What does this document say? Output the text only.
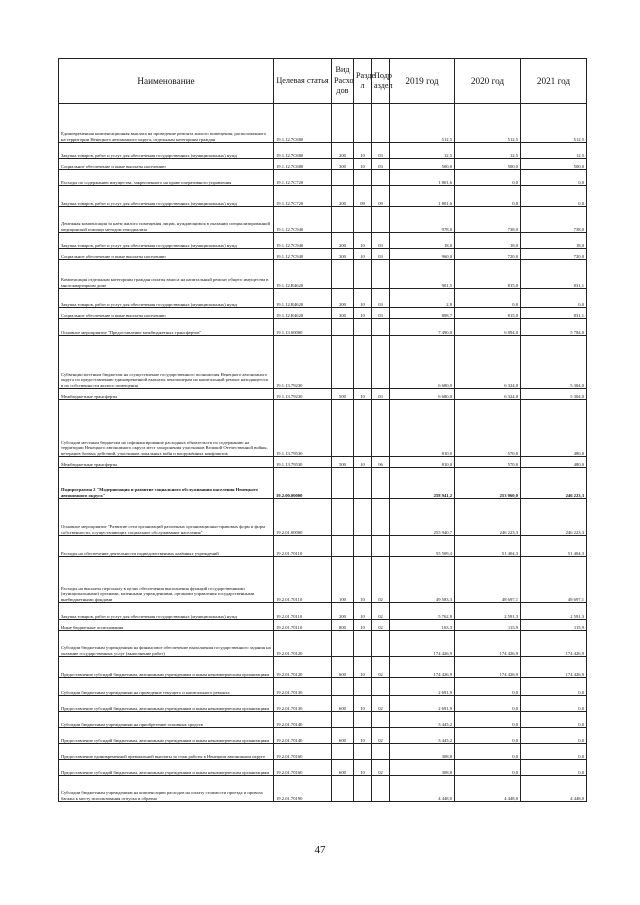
Наименование	Целевая статья	Вид Расхо дов	Разде л	Подр аздел	2019 год	2020 год	2021 год
Единовременная компенсационная выплата на проведение ремонта жилого помещения, расположенного на территории Ненецкого автономного округа, отдельным категориям граждан	19.1.12.7С680				512,5	512,5	512,5
Закупка товаров, работ и услуг для обеспечения государственных (муниципальных) нужд	19.1.12.7С680	200	10	03	12,5	12,5	12,5
Социальное обеспечение и иные выплаты населению	19.1.12.7С680	300	10	03	500,0	500,0	500,0
Расходы по содержанию имущества, закрепленного на праве оперативного управления	19.1.12.7С720				1 801,6	0,0	0,0
Закупка товаров, работ и услуг для обеспечения государственных (муниципальных) нужд	19.1.12.7С720	200	09	09	1 801,6	0,0	0,0
Денежная компенсация за наём жилого помещения лицам, нуждающимся в оказании специализированной медицинской помощи методом гемодиализа	19.1.12.7С940				978,0	738,0	738,0
Закупка товаров, работ и услуг для обеспечения государственных (муниципальных) нужд	19.1.12.7С940	200	10	03	18,0	18,0	18,0
Социальное обеспечение и иные выплаты населению	19.1.12.7С940	300	10	03	960,0	720,0	720,0
Компенсация отдельным категориям граждан оплаты взноса на капитальный ремонт общего имущества в многоквартирном доме	19.1.12.R4620				901,5	815,0	831,1
Закупка товаров, работ и услуг для обеспечения государственных (муниципальных) нужд	19.1.12.R4620	200	10	03	2,8	0,0	0,0
Социальное обеспечение и иные выплаты населению	19.1.12.R4620	300	10	03	898,7	815,0	831,1
Основное мероприятие "Предоставление межбюджетных трансфертов"	19.1.13.00000				7 490,0	6 894,0	5 784,0
Субвенции местным бюджетам на осуществление государственного полномочия Ненецкого автономного округа по предоставлению единовременной выплаты пенсионерам на капитальный ремонт находящегося в их собственности жилого помещения	19.1.13.79230				6 680,0	6 324,0	5 304,0
Межбюджетные трансферты	19.1.13.79230	500	10	03	6 680,0	6 324,0	5 304,0
Субсидии местным бюджетам на софинансирование расходных обязательств по содержанию на территории Ненецкого автономного округа мест захоронения участников Великой Отечественной войны, ветеранов боевых действий, участников локальных войн и вооружённых конфликтов	19.1.13.79530				810,0	570,0	480,0
Межбюджетные трансферты	19.1.13.79530	500	10	06	810,0	570,0	480,0
Подпрограмма 2 "Модернизация и развитие социального обслуживания населения Ненецкого автономного округа"	19.2.00.00000				258 941,2	253 060,0	246 223,3
Основное мероприятие "Развитие сети организаций различных организационно-правовых форм и форм собственности, осуществляющих социальное обслуживание населения"	19.2.01.00000				255 940,7	246 223,3	246 223,3
Расходы на обеспечение деятельности подведомственных казённых учреждений	19.2.01.70110				55 509,4	51 404,3	51 404,3
Расходы на выплаты персоналу в целях обеспечения выполнения функций государственными (муниципальными) органами, казенными учреждениями, органами управления государственными внебюджетными фондами	19.2.01.70110	100	10	02	49 583,3	48 697,1	48 697,1
Закупка товаров, работ и услуг для обеспечения государственных (муниципальных) нужд	19.2.01.70110	200	10	02	5 762,8	2 591,3	2 591,3
Иные бюджетные ассигнования	19.2.01.70110	800	10	02	163,3	115,9	115,9
Субсидии бюджетным учреждениям на финансовое обеспечение выполнения государственного задания на оказание государственных услуг (выполнение работ)	19.2.01.70120				174 426,9	174 426,9	174 426,9
Предоставление субсидий бюджетным, автономным учреждениям и иным некоммерческим организациям	19.2.01.70120	600	10	02	174 426,9	174 426,9	174 426,9
Субсидии бюджетным учреждениям на проведение текущего и капитального ремонта	19.2.01.70130				2 691,9	0,0	0,0
Предоставление субсидий бюджетным, автономным учреждениям и иным некоммерческим организациям	19.2.01.70130	600	10	02	2 691,9	0,0	0,0
Субсидии бюджетным учреждениям на приобретение основных средств	19.2.01.70140				3 445,2	0,0	0,0
Предоставление субсидий бюджетным, автономным учреждениям и иным некоммерческим организациям	19.2.01.70140	600	10	02	3 445,2	0,0	0,0
Предоставление единовременной премиальной выплаты за стаж работы в Ненецком автономном округе	19.2.01.70160				308,8	0,0	0,0
Предоставление субсидий бюджетным, автономным учреждениям и иным некоммерческим организациям	19.2.01.70160	600	10	02	308,8	0,0	0,0
Субсидии бюджетным учреждениям на компенсацию расходов на оплату стоимости проезда и провоза багажа к месту использования отпуска и обратно	19.2.01.70190				4 448,0	4 448,0	4 448,0
47
